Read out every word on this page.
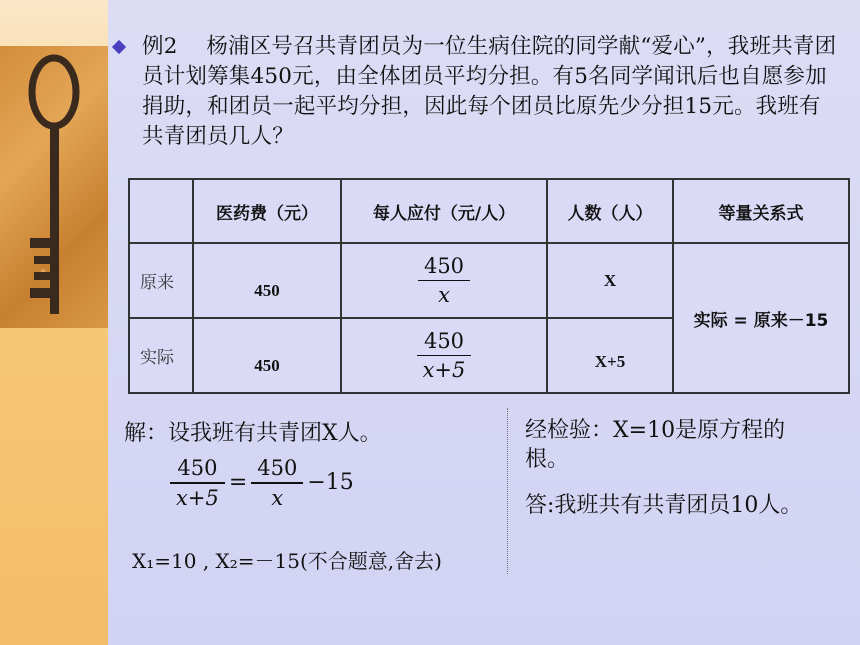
例2　 杨浦区号召共青团员为一位生病住院的同学献“爱心”，我班共青团员计划筹集450元，由全体团员平均分担。有5名同学闻讯后也自愿参加捐助，和团员一起平均分担，因此每个团员比原先少分担15元。我班有共青团员几人？
	医药费（元）	每人应付（元/人）	人数（人）	等量关系式
原来	450	$\frac{450}{x}$	X	实际 = 原来－15
实际	450	$\frac{450}{x+5}$	X+5	
解：设我班有共青团X人。
$\frac{450}{x+5} = \frac{450}{x} -15$
X₁=10 , X₂=－15(不合题意,舍去)
经检验：X=10是原方程的根。
答:我班共有共青团员10人。
